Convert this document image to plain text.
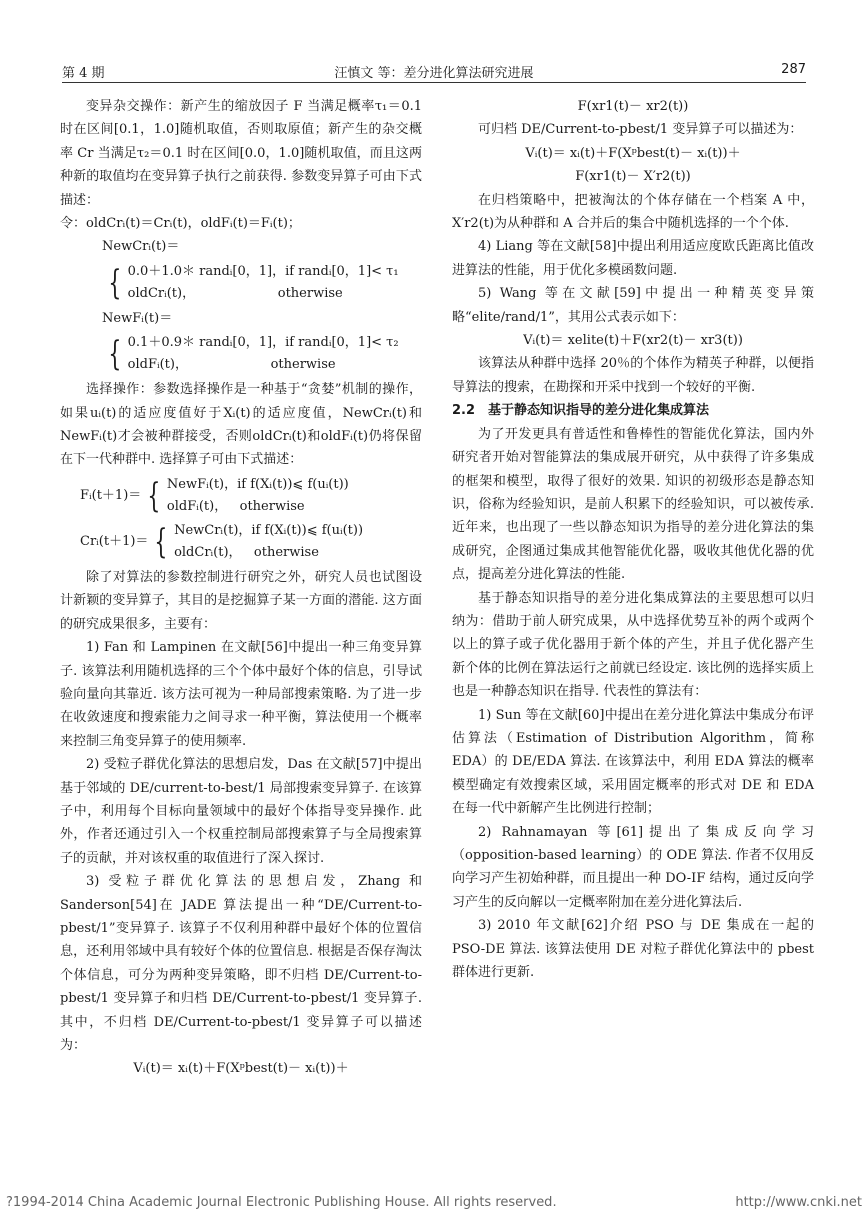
第 4 期	汪慎文 等：差分进化算法研究进展	287

变异杂交操作：新产生的缩放因子 F 当满足概率τ₁＝0.1 时在区间[0.1，1.0]随机取值，否则取原值；新产生的杂交概率 Cr 当满足τ₂＝0.1 时在区间[0.0，1.0]随机取值，而且这两种新的取值均在变异算子执行之前获得. 参数变异算子可由下式描述：

令：oldCrᵢ(t)＝Crᵢ(t)，oldFᵢ(t)＝Fᵢ(t)；

NewCrᵢ(t)＝

{ 0.0＋1.0＊ randᵢ[0，1]，if randᵢ[0，1]< τ₁
oldCrᵢ(t)，                    otherwise

NewFᵢ(t)＝

{ 0.1＋0.9＊ randᵢ[0，1]，if randᵢ[0，1]< τ₂
oldFᵢ(t)，                    otherwise

选择操作：参数选择操作是一种基于“贪婪”机制的操作，如果uᵢ(t)的适应度值好于Xᵢ(t)的适应度值，NewCrᵢ(t)和NewFᵢ(t)才会被种群接受，否则oldCrᵢ(t)和oldFᵢ(t)仍将保留在下一代种群中. 选择算子可由下式描述：

Fᵢ(t＋1)＝ { NewFᵢ(t)，if f(Xᵢ(t))⩽ f(uᵢ(t))
oldFᵢ(t)，   otherwise
Crᵢ(t＋1)＝ { NewCrᵢ(t)，if f(Xᵢ(t))⩽ f(uᵢ(t))
oldCrᵢ(t)，   otherwise

除了对算法的参数控制进行研究之外，研究人员也试图设计新颖的变异算子，其目的是挖掘算子某一方面的潜能. 这方面的研究成果很多，主要有：

1) Fan 和 Lampinen 在文献[56]中提出一种三角变异算子. 该算法利用随机选择的三个个体中最好个体的信息，引导试验向量向其靠近. 该方法可视为一种局部搜索策略. 为了进一步在收敛速度和搜索能力之间寻求一种平衡，算法使用一个概率来控制三角变异算子的使用频率.

2) 受粒子群优化算法的思想启发，Das 在文献[57]中提出基于邻域的 DE/current-to-best/1 局部搜索变异算子. 在该算子中，利用每个目标向量领域中的最好个体指导变异操作. 此外，作者还通过引入一个权重控制局部搜索算子与全局搜索算子的贡献，并对该权重的取值进行了深入探讨.

3) 受粒子群优化算法的思想启发，Zhang 和 Sanderson[54]在 JADE 算法提出一种“DE/Current-to-pbest/1”变异算子. 该算子不仅利用种群中最好个体的位置信息，还利用邻域中具有较好个体的位置信息. 根据是否保存淘汰个体信息，可分为两种变异策略，即不归档 DE/Current-to-pbest/1 变异算子和归档 DE/Current-to-pbest/1 变异算子. 其中，不归档 DE/Current-to-pbest/1 变异算子可以描述为：

Vᵢ(t)＝ xᵢ(t)＋F(Xᵖbest(t)－ xᵢ(t))＋

F(xr1(t)－ xr2(t))

可归档 DE/Current-to-pbest/1 变异算子可以描述为：

Vᵢ(t)＝ xᵢ(t)＋F(Xᵖbest(t)－ xᵢ(t))＋

F(xr1(t)－ X′r2(t))

在归档策略中，把被淘汰的个体存储在一个档案 A 中，X′r2(t)为从种群和 A 合并后的集合中随机选择的一个个体.

4) Liang 等在文献[58]中提出利用适应度欧氏距离比值改进算法的性能，用于优化多模函数问题.

5) Wang 等在文献[59]中提出一种精英变异策略“elite/rand/1”，其用公式表示如下：

Vᵢ(t)＝ xelite(t)＋F(xr2(t)－ xr3(t))

该算法从种群中选择 20％的个体作为精英子种群，以便指导算法的搜索，在勘探和开采中找到一个较好的平衡.

2.2　基于静态知识指导的差分进化集成算法

为了开发更具有普适性和鲁棒性的智能优化算法，国内外研究者开始对智能算法的集成展开研究，从中获得了许多集成的框架和模型，取得了很好的效果. 知识的初级形态是静态知识，俗称为经验知识，是前人积累下的经验知识，可以被传承. 近年来，也出现了一些以静态知识为指导的差分进化算法的集成研究，企图通过集成其他智能优化器，吸收其他优化器的优点，提高差分进化算法的性能.

基于静态知识指导的差分进化集成算法的主要思想可以归纳为：借助于前人研究成果，从中选择优势互补的两个或两个以上的算子或子优化器用于新个体的产生，并且子优化器产生新个体的比例在算法运行之前就已经设定. 该比例的选择实质上也是一种静态知识在指导. 代表性的算法有：

1) Sun 等在文献[60]中提出在差分进化算法中集成分布评估算法（Estimation of Distribution Algorithm，简称 EDA）的 DE/EDA 算法. 在该算法中，利用 EDA 算法的概率模型确定有效搜索区域，采用固定概率的形式对 DE 和 EDA 在每一代中新解产生比例进行控制；

2) Rahnamayan 等[61]提出了集成反向学习（opposition-based learning）的 ODE 算法. 作者不仅用反向学习产生初始种群，而且提出一种 DO-IF 结构，通过反向学习产生的反向解以一定概率附加在差分进化算法后.

3) 2010 年文献[62]介绍 PSO 与 DE 集成在一起的 PSO-DE 算法. 该算法使用 DE 对粒子群优化算法中的 pbest 群体进行更新.

?1994-2014 China Academic Journal Electronic Publishing House. All rights reserved.	http://www.cnki.net
